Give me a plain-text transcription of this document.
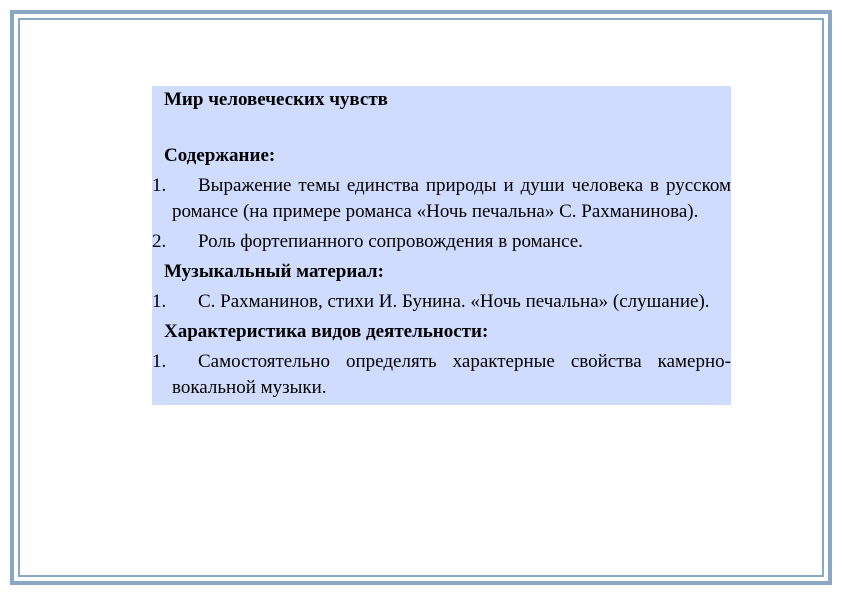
Мир человеческих чувств
Содержание:
1.	Выражение темы единства природы и души человека в русском романсе (на примере романса «Ночь печальна» С. Рахманинова).
2.	Роль фортепианного сопровождения в романсе.
Музыкальный материал:
1.	С. Рахманинов, стихи И. Бунина. «Ночь печальна» (слушание).
Характеристика видов деятельности:
1.	Самостоятельно определять характерные свойства камерно-вокальной музыки.
